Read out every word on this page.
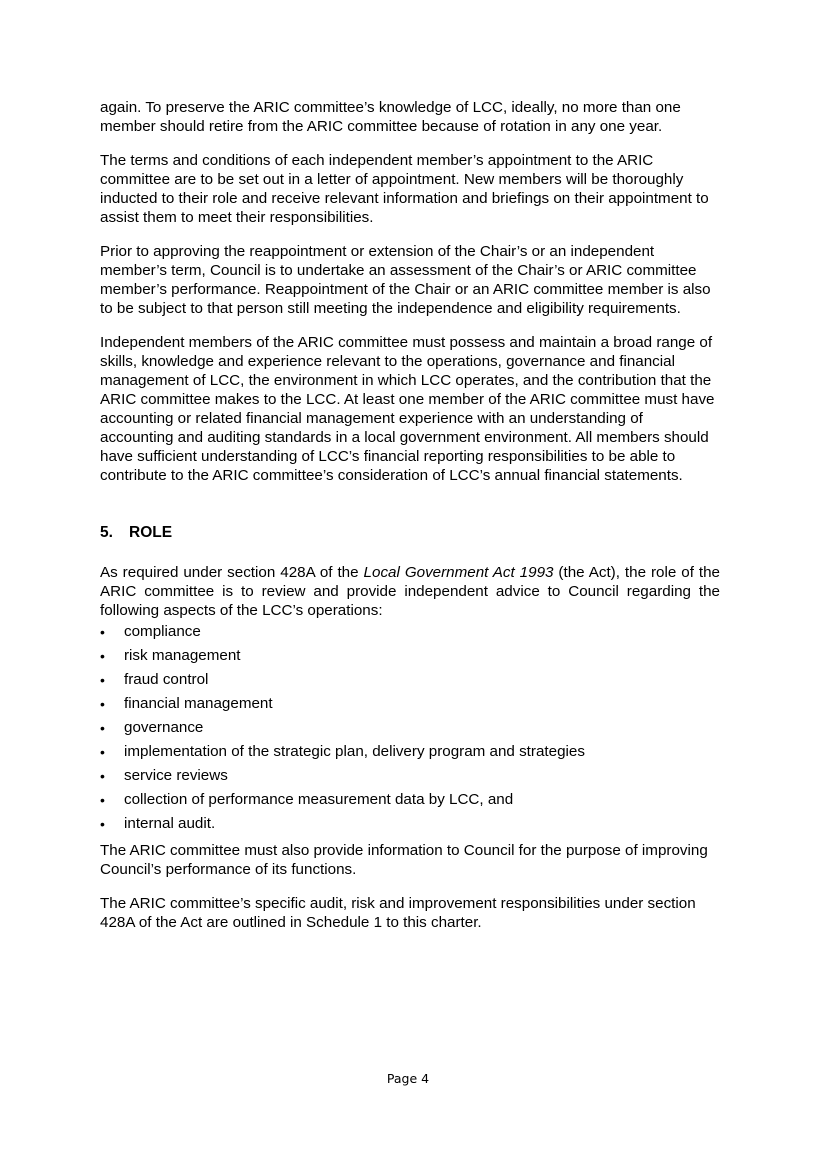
again. To preserve the ARIC committee’s knowledge of LCC, ideally, no more than one member should retire from the ARIC committee because of rotation in any one year.

The terms and conditions of each independent member’s appointment to the ARIC committee are to be set out in a letter of appointment. New members will be thoroughly inducted to their role and receive relevant information and briefings on their appointment to assist them to meet their responsibilities.

Prior to approving the reappointment or extension of the Chair’s or an independent member’s term, Council is to undertake an assessment of the Chair’s or ARIC committee member’s performance. Reappointment of the Chair or an ARIC committee member is also to be subject to that person still meeting the independence and eligibility requirements.

Independent members of the ARIC committee must possess and maintain a broad range of skills, knowledge and experience relevant to the operations, governance and financial management of LCC, the environment in which LCC operates, and the contribution that the ARIC committee makes to the LCC. At least one member of the ARIC committee must have accounting or related financial management experience with an understanding of accounting and auditing standards in a local government environment. All members should have sufficient understanding of LCC’s financial reporting responsibilities to be able to contribute to the ARIC committee’s consideration of LCC’s annual financial statements.

5. ROLE

As required under section 428A of the Local Government Act 1993 (the Act), the role of the ARIC committee is to review and provide independent advice to Council regarding the following aspects of the LCC’s operations:

• compliance
• risk management
• fraud control
• financial management
• governance
• implementation of the strategic plan, delivery program and strategies
• service reviews
• collection of performance measurement data by LCC, and
• internal audit.

The ARIC committee must also provide information to Council for the purpose of improving Council’s performance of its functions.

The ARIC committee’s specific audit, risk and improvement responsibilities under section 428A of the Act are outlined in Schedule 1 to this charter.

Page 4
